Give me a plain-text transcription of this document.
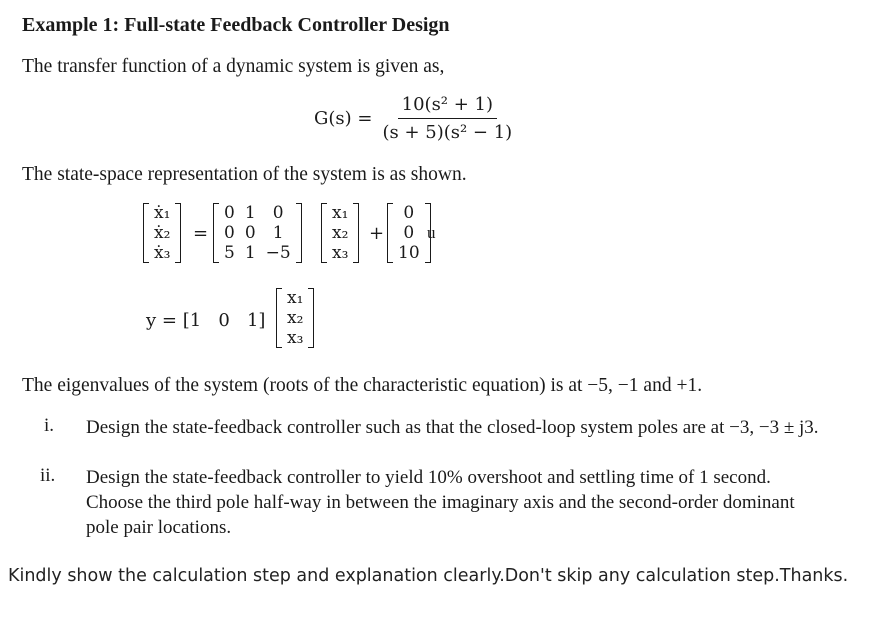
Example 1: Full-state Feedback Controller Design
The transfer function of a dynamic system is given as,
$G(s) = \frac{\text{10(s² + 1)}}{\text{(s + 5)(s² − 1)}}$
The state-space representation of the system is as shown.
ẋ₁
ẋ₂
ẋ₃
=
0	1	0
0	0	1
5	1	−5
x₁
x₂
x₃
+
0
0
10
u
y = [1   0   1]
x₁
x₂
x₃
The eigenvalues of the system (roots of the characteristic equation) is at −5, −1 and +1.
i. Design the state-feedback controller such as that the closed-loop system poles are at −3, −3 ± j3.
ii. Design the state-feedback controller to yield 10% overshoot and settling time of 1 second. Choose the third pole half-way in between the imaginary axis and the second-order dominant pole pair locations.
Kindly show the calculation step and explanation clearly.Don't skip any calculation step.Thanks.
